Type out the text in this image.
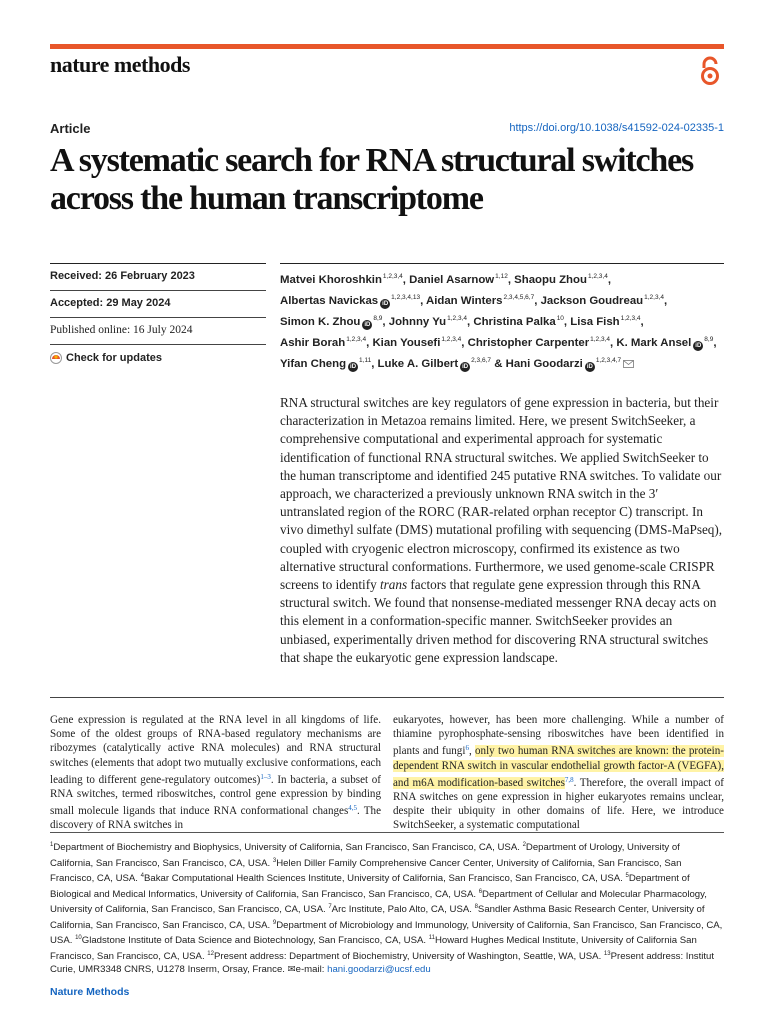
nature methods
Article	https://doi.org/10.1038/s41592-024-02335-1
A systematic search for RNA structural switches across the human transcriptome
Received: 26 February 2023
Accepted: 29 May 2024
Published online: 16 July 2024
Check for updates

Matvei Khoroshkin$^{1,2,3,4}$, Daniel Asarnow$^{1,12}$, Shaopu Zhou$^{1,2,3,4}$, Albertas Navickas iD$^{1,2,3,4,13}$, Aidan Winters$^{2,3,4,5,6,7}$, Jackson Goudreau$^{1,2,3,4}$, Simon K. Zhou iD$^{8,9}$, Johnny Yu$^{1,2,3,4}$, Christina Palka$^{10}$, Lisa Fish$^{1,2,3,4}$, Ashir Borah$^{1,2,3,4}$, Kian Yousefi$^{1,2,3,4}$, Christopher Carpenter$^{1,2,3,4}$, K. Mark Ansel iD$^{8,9}$, Yifan Cheng iD$^{1,11}$, Luke A. Gilbert iD$^{2,3,6,7}$ & Hani Goodarzi iD$^{1,2,3,4,7}$

RNA structural switches are key regulators of gene expression in bacteria, but their characterization in Metazoa remains limited. Here, we present SwitchSeeker, a comprehensive computational and experimental approach for systematic identification of functional RNA structural switches. We applied SwitchSeeker to the human transcriptome and identified 245 putative RNA switches. To validate our approach, we characterized a previously unknown RNA switch in the 3′ untranslated region of the RORC (RAR-related orphan receptor C) transcript. In vivo dimethyl sulfate (DMS) mutational profiling with sequencing (DMS-MaPseq), coupled with cryogenic electron microscopy, confirmed its existence as two alternative structural conformations. Furthermore, we used genome-scale CRISPR screens to identify trans factors that regulate gene expression through this RNA structural switch. We found that nonsense-mediated messenger RNA decay acts on this element in a conformation-specific manner. SwitchSeeker provides an unbiased, experimentally driven method for discovering RNA structural switches that shape the eukaryotic gene expression landscape.

Gene expression is regulated at the RNA level in all kingdoms of life. Some of the oldest groups of RNA-based regulatory mechanisms are ribozymes (catalytically active RNA molecules) and RNA structural switches (elements that adopt two mutually exclusive conformations, each leading to different gene-regulatory outcomes)$^{1-3}$. In bacteria, a subset of RNA switches, termed riboswitches, control gene expression by binding small molecule ligands that induce RNA conformational changes$^{4,5}$. The discovery of RNA switches in

eukaryotes, however, has been more challenging. While a number of thiamine pyrophosphate-sensing riboswitches have been identified in plants and fungi$^6$, only two human RNA switches are known: the protein-dependent RNA switch in vascular endothelial growth factor-A (VEGFA), and m6A modification-based switches$^{7,8}$. Therefore, the overall impact of RNA switches on gene expression in higher eukaryotes remains unclear, despite their ubiquity in other domains of life. Here, we introduce SwitchSeeker, a systematic computational

$^1$Department of Biochemistry and Biophysics, University of California, San Francisco, San Francisco, CA, USA. $^2$Department of Urology, University of California, San Francisco, San Francisco, CA, USA. $^3$Helen Diller Family Comprehensive Cancer Center, University of California, San Francisco, San Francisco, CA, USA. $^4$Bakar Computational Health Sciences Institute, University of California, San Francisco, San Francisco, CA, USA. $^5$Department of Biological and Medical Informatics, University of California, San Francisco, San Francisco, CA, USA. $^6$Department of Cellular and Molecular Pharmacology, University of California, San Francisco, San Francisco, CA, USA. $^7$Arc Institute, Palo Alto, CA, USA. $^8$Sandler Asthma Basic Research Center, University of California, San Francisco, San Francisco, CA, USA. $^9$Department of Microbiology and Immunology, University of California, San Francisco, San Francisco, CA, USA. $^{10}$Gladstone Institute of Data Science and Biotechnology, San Francisco, CA, USA. $^{11}$Howard Hughes Medical Institute, University of California San Francisco, San Francisco, CA, USA. $^{12}$Present address: Department of Biochemistry, University of Washington, Seattle, WA, USA. $^{13}$Present address: Institut Curie, UMR3348 CNRS, U1278 Inserm, Orsay, France. ✉e-mail: hani.goodarzi@ucsf.edu

Nature Methods
